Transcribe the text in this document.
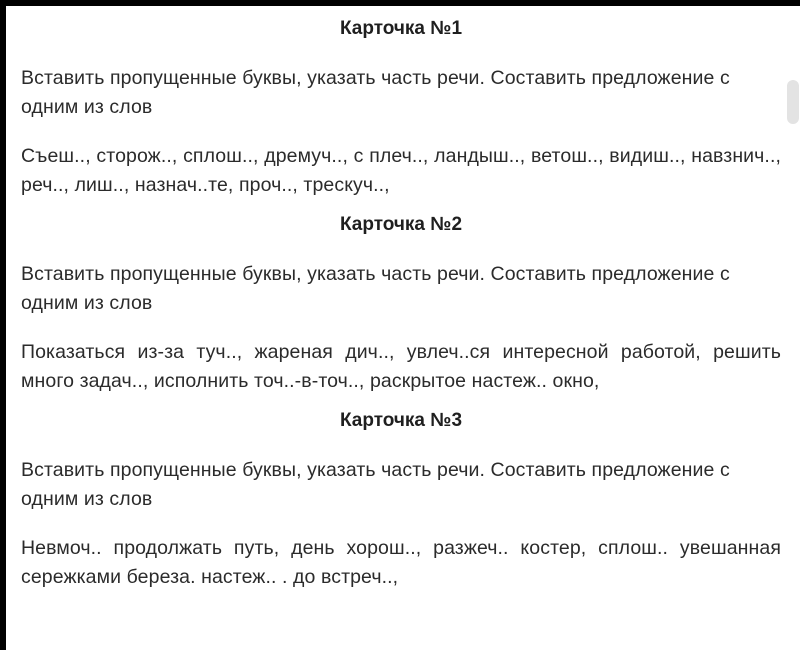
Карточка №1

Вставить пропущенные буквы, указать часть речи. Составить предложение с одним из слов

Съеш.., сторож.., сплош.., дремуч.., с плеч.., ландыш.., ветош.., видиш.., навзнич.., реч.., лиш.., назнач..те, проч.., трескуч..,

Карточка №2

Вставить пропущенные буквы, указать часть речи. Составить предложение с одним из слов

Показаться из-за туч.., жареная дич.., увлеч..ся интересной работой, решить много задач.., исполнить точ..-в-точ.., раскрытое настеж.. окно,

Карточка №3

Вставить пропущенные буквы, указать часть речи. Составить предложение с одним из слов

Невмоч.. продолжать путь, день хорош.., разжеч.. костер, сплош.. увешанная сережками береза. настеж.. . до встреч..,
